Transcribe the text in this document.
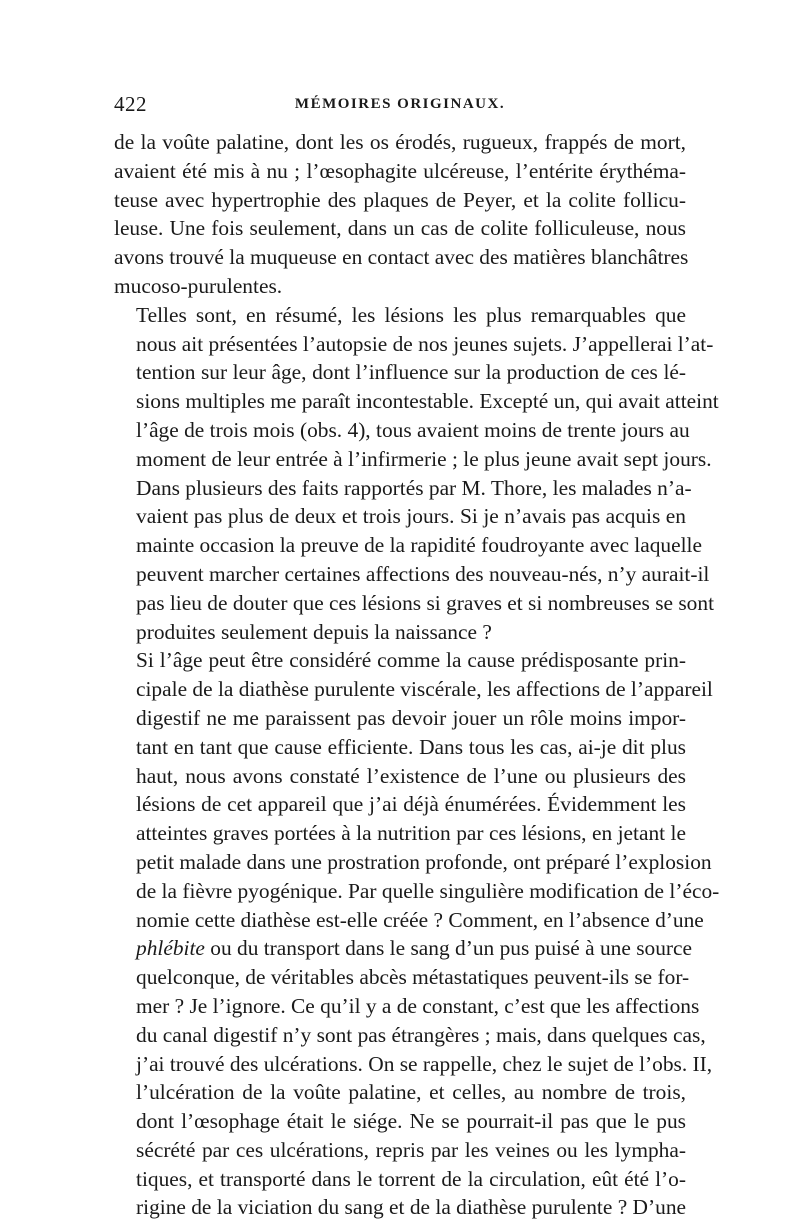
422	MÉMOIRES ORIGINAUX.

de la voûte palatine, dont les os érodés, rugueux, frappés de mort,
avaient été mis à nu ; l’œsophagite ulcéreuse, l’entérite érythéma-
teuse avec hypertrophie des plaques de Peyer, et la colite follicu-
leuse. Une fois seulement, dans un cas de colite folliculeuse, nous
avons trouvé la muqueuse en contact avec des matières blanchâtres
mucoso-purulentes.

Telles sont, en résumé, les lésions les plus remarquables que
nous ait présentées l’autopsie de nos jeunes sujets. J’appellerai l’at-
tention sur leur âge, dont l’influence sur la production de ces lé-
sions multiples me paraît incontestable. Excepté un, qui avait atteint
l’âge de trois mois (obs. 4), tous avaient moins de trente jours au
moment de leur entrée à l’infirmerie ; le plus jeune avait sept jours.
Dans plusieurs des faits rapportés par M. Thore, les malades n’a-
vaient pas plus de deux et trois jours. Si je n’avais pas acquis en
mainte occasion la preuve de la rapidité foudroyante avec laquelle
peuvent marcher certaines affections des nouveau-nés, n’y aurait-il
pas lieu de douter que ces lésions si graves et si nombreuses se sont
produites seulement depuis la naissance ?

Si l’âge peut être considéré comme la cause prédisposante prin-
cipale de la diathèse purulente viscérale, les affections de l’appareil
digestif ne me paraissent pas devoir jouer un rôle moins impor-
tant en tant que cause efficiente. Dans tous les cas, ai-je dit plus
haut, nous avons constaté l’existence de l’une ou plusieurs des
lésions de cet appareil que j’ai déjà énumérées. Évidemment les
atteintes graves portées à la nutrition par ces lésions, en jetant le
petit malade dans une prostration profonde, ont préparé l’explosion
de la fièvre pyogénique. Par quelle singulière modification de l’éco-
nomie cette diathèse est-elle créée ? Comment, en l’absence d’une
phlébite ou du transport dans le sang d’un pus puisé à une source
quelconque, de véritables abcès métastatiques peuvent-ils se for-
mer ? Je l’ignore. Ce qu’il y a de constant, c’est que les affections
du canal digestif n’y sont pas étrangères ; mais, dans quelques cas,
j’ai trouvé des ulcérations. On se rappelle, chez le sujet de l’obs. II,
l’ulcération de la voûte palatine, et celles, au nombre de trois,
dont l’œsophage était le siége. Ne se pourrait-il pas que le pus
sécrété par ces ulcérations, repris par les veines ou les lympha-
tiques, et transporté dans le torrent de la circulation, eût été l’o-
rigine de la viciation du sang et de la diathèse purulente ? D’une
